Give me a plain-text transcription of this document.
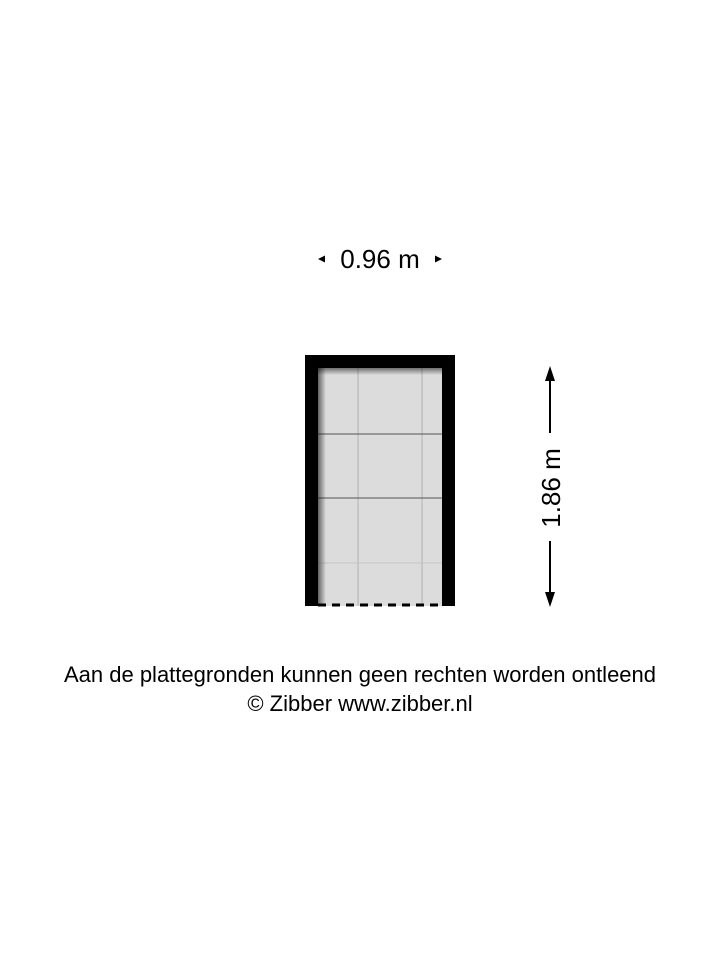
0.96 m
1.86 m
Aan de plattegronden kunnen geen rechten worden ontleend
© Zibber www.zibber.nl
